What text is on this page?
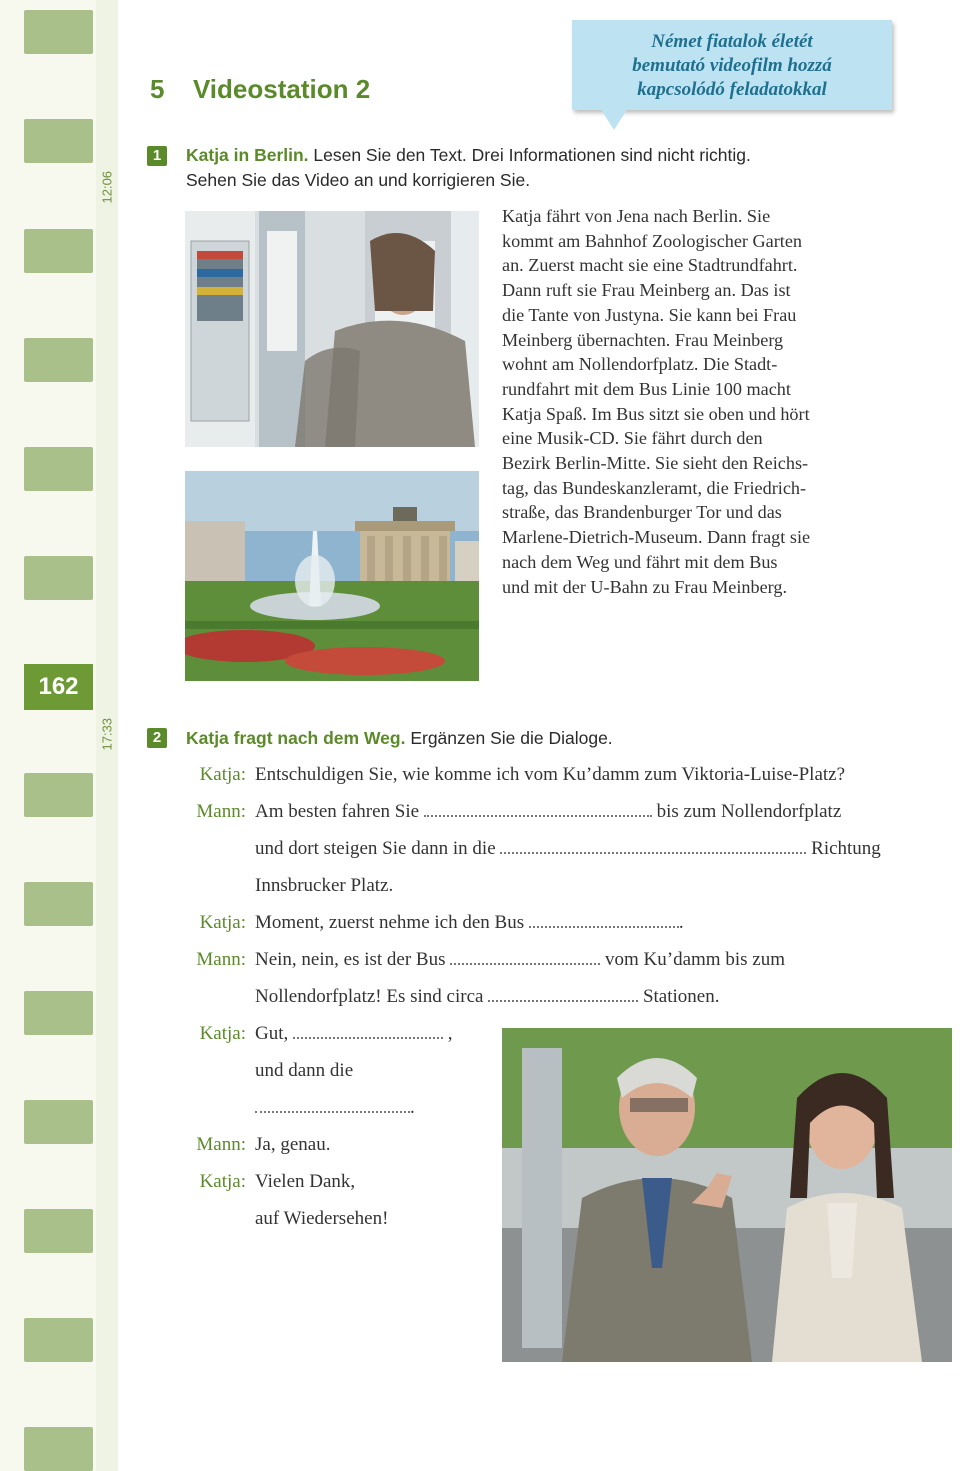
162
12:06
17:33
5 Videostation 2
Német fiatalok életét
bemutató videofilm hozzá
kapcsolódó feladatokkal
1	Katja in Berlin. Lesen Sie den Text. Drei Informationen sind nicht richtig.
Sehen Sie das Video an und korrigieren Sie.
Katja fährt von Jena nach Berlin. Sie
kommt am Bahnhof Zoologischer Garten
an. Zuerst macht sie eine Stadtrundfahrt.
Dann ruft sie Frau Meinberg an. Das ist
die Tante von Justyna. Sie kann bei Frau
Meinberg übernachten. Frau Meinberg
wohnt am Nollendorfplatz. Die Stadt-
rundfahrt mit dem Bus Linie 100 macht
Katja Spaß. Im Bus sitzt sie oben und hört
eine Musik-CD. Sie fährt durch den
Bezirk Berlin-Mitte. Sie sieht den Reichs-
tag, das Bundeskanzleramt, die Friedrich-
straße, das Brandenburger Tor und das
Marlene-Dietrich-Museum. Dann fragt sie
nach dem Weg und fährt mit dem Bus
und mit der U-Bahn zu Frau Meinberg.
2	Katja fragt nach dem Weg. Ergänzen Sie die Dialoge.
Katja: Entschuldigen Sie, wie komme ich vom Ku’damm zum Viktoria-Luise-Platz?
Mann: Am besten fahren Sie	bis zum Nollendorfplatz
und dort steigen Sie dann in die	Richtung
Innsbrucker Platz.
Katja: Moment, zuerst nehme ich den Bus	.
Mann: Nein, nein, es ist der Bus	vom Ku’damm bis zum
Nollendorfplatz! Es sind circa	Stationen.
Katja: Gut,	,
und dann die
.
Mann: Ja, genau.
Katja: Vielen Dank,
auf Wiedersehen!
